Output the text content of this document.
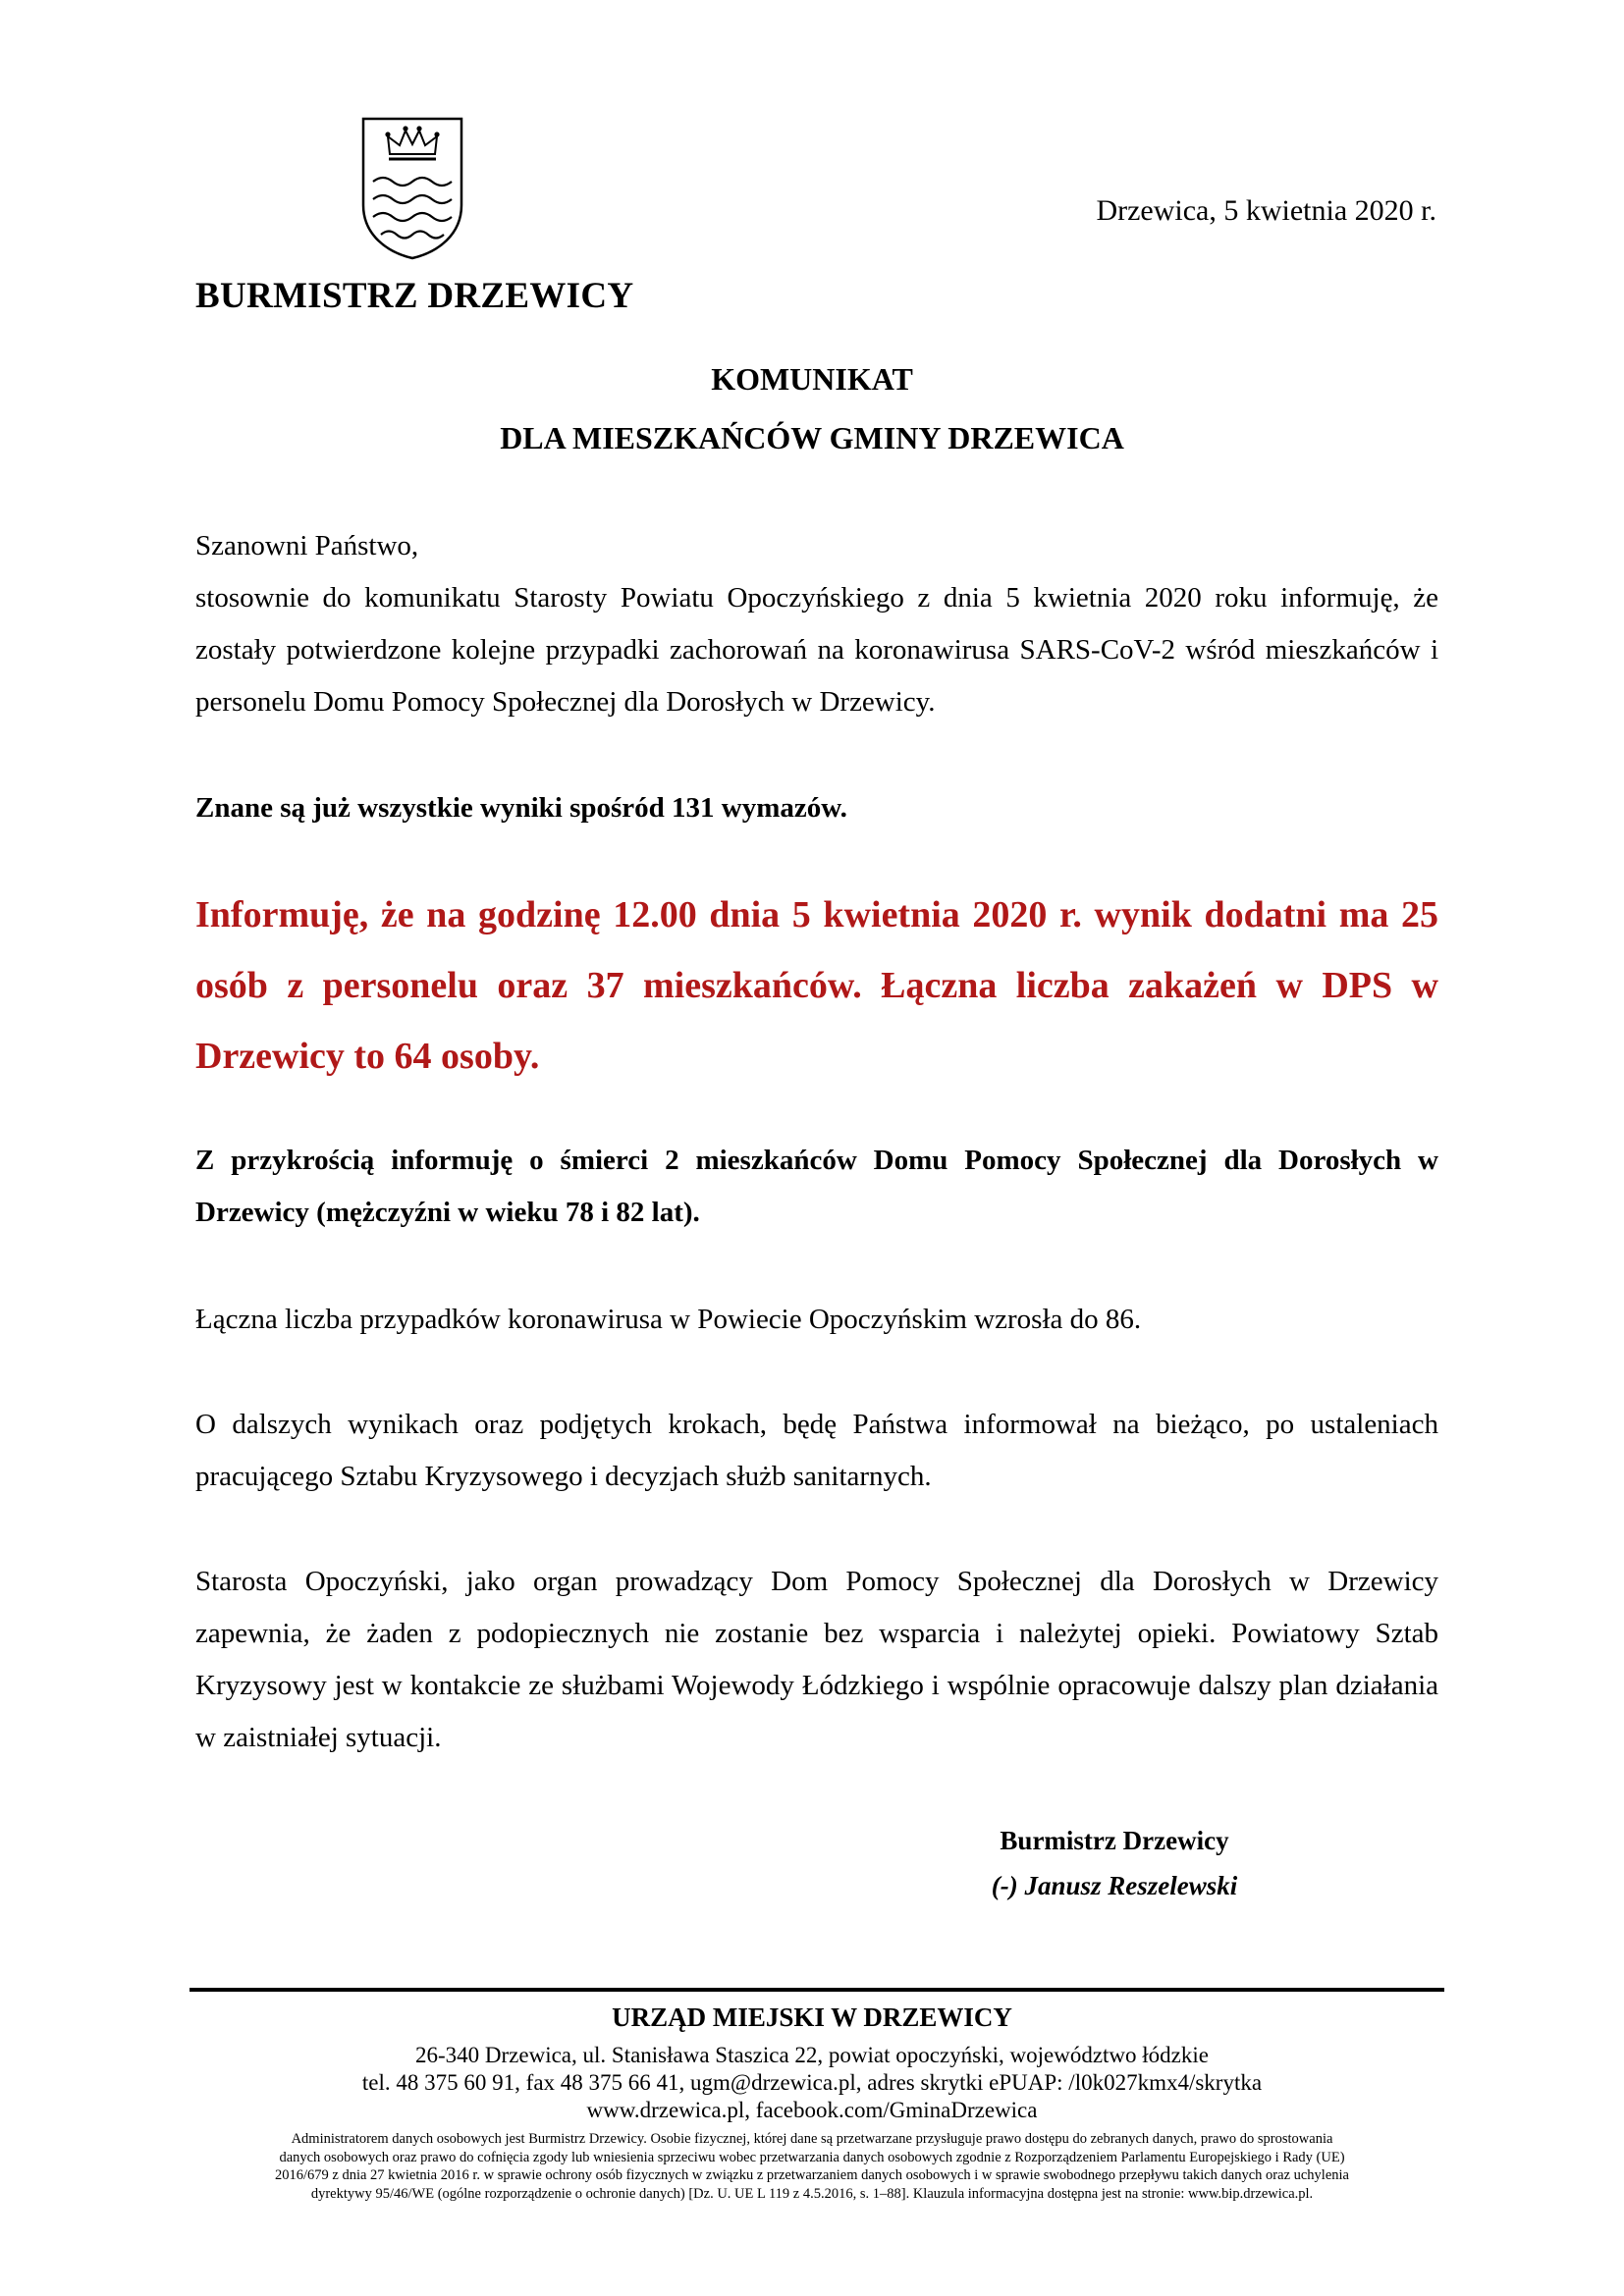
Drzewica, 5 kwietnia 2020 r.
BURMISTRZ DRZEWICY
KOMUNIKAT
DLA MIESZKAŃCÓW GMINY DRZEWICA
Szanowni Państwo,
stosownie do komunikatu Starosty Powiatu Opoczyńskiego z dnia 5 kwietnia 2020 roku informuję, że zostały potwierdzone kolejne przypadki zachorowań na koronawirusa SARS-CoV-2 wśród mieszkańców i personelu Domu Pomocy Społecznej dla Dorosłych w Drzewicy.
Znane są już wszystkie wyniki spośród 131 wymazów.
Informuję, że na godzinę 12.00 dnia 5 kwietnia 2020 r. wynik dodatni ma 25 osób z personelu oraz 37 mieszkańców. Łączna liczba zakażeń w DPS w Drzewicy to 64 osoby.
Z przykrością informuję o śmierci 2 mieszkańców Domu Pomocy Społecznej dla Dorosłych w Drzewicy (mężczyźni w wieku 78 i 82 lat).
Łączna liczba przypadków koronawirusa w Powiecie Opoczyńskim wzrosła do 86.
O dalszych wynikach oraz podjętych krokach, będę Państwa informował na bieżąco, po ustaleniach pracującego Sztabu Kryzysowego i decyzjach służb sanitarnych.
Starosta Opoczyński, jako organ prowadzący Dom Pomocy Społecznej dla Dorosłych w Drzewicy zapewnia, że żaden z podopiecznych nie zostanie bez wsparcia i należytej opieki. Powiatowy Sztab Kryzysowy jest w kontakcie ze służbami Wojewody Łódzkiego i wspólnie opracowuje dalszy plan działania w zaistniałej sytuacji.
Burmistrz Drzewicy
(-) Janusz Reszelewski
URZĄD MIEJSKI W DRZEWICY
26-340 Drzewica, ul. Stanisława Staszica 22, powiat opoczyński, województwo łódzkie
tel. 48 375 60 91, fax 48 375 66 41, ugm@drzewica.pl, adres skrytki ePUAP: /l0k027kmx4/skrytka
www.drzewica.pl, facebook.com/GminaDrzewica
Administratorem danych osobowych jest Burmistrz Drzewicy. Osobie fizycznej, której dane są przetwarzane przysługuje prawo dostępu do zebranych danych, prawo do sprostowania
danych osobowych oraz prawo do cofnięcia zgody lub wniesienia sprzeciwu wobec przetwarzania danych osobowych zgodnie z Rozporządzeniem Parlamentu Europejskiego i Rady (UE)
2016/679 z dnia 27 kwietnia 2016 r. w sprawie ochrony osób fizycznych w związku z przetwarzaniem danych osobowych i w sprawie swobodnego przepływu takich danych oraz uchylenia
dyrektywy 95/46/WE (ogólne rozporządzenie o ochronie danych) [Dz. U. UE L 119 z 4.5.2016, s. 1–88]. Klauzula informacyjna dostępna jest na stronie: www.bip.drzewica.pl.
